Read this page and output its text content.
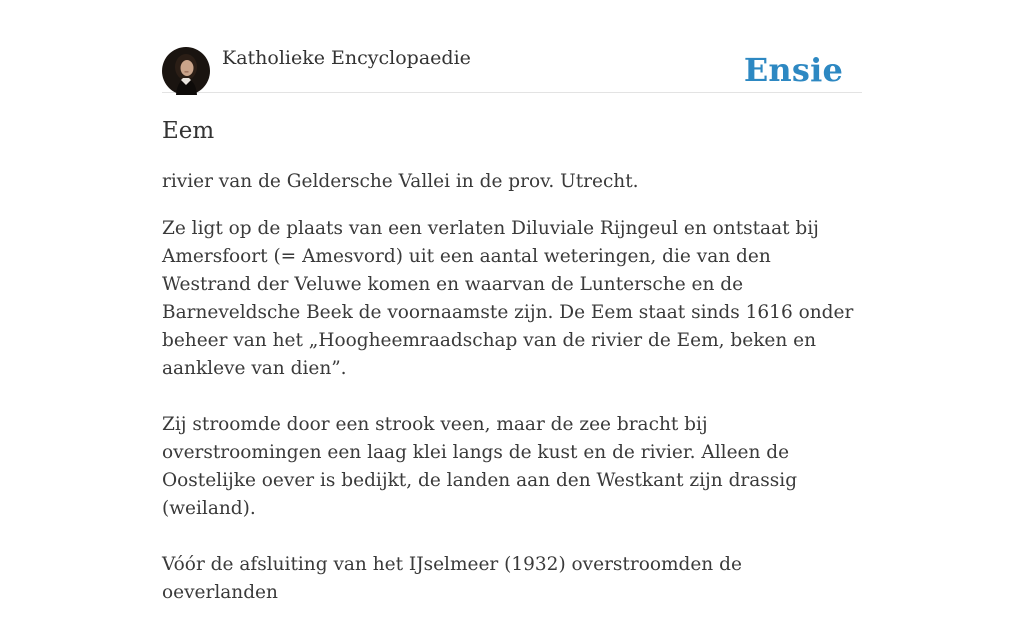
Katholieke Encyclopaedie	Ensie
Eem

rivier van de Geldersche Vallei in de prov. Utrecht.

Ze ligt op de plaats van een verlaten Diluviale Rijngeul en ontstaat bij Amersfoort (= Amesvord) uit een aantal weteringen, die van den Westrand der Veluwe komen en waarvan de Luntersche en de Barneveldsche Beek de voornaamste zijn. De Eem staat sinds 1616 onder beheer van het „Hoogheemraadschap van de rivier de Eem, beken en aankleve van dien”.

Zij stroomde door een strook veen, maar de zee bracht bij overstroomingen een laag klei langs de kust en de rivier. Alleen de Oostelijke oever is bedijkt, de landen aan den Westkant zijn drassig (weiland).

Vóór de afsluiting van het IJselmeer (1932) overstroomden de oeverlanden
